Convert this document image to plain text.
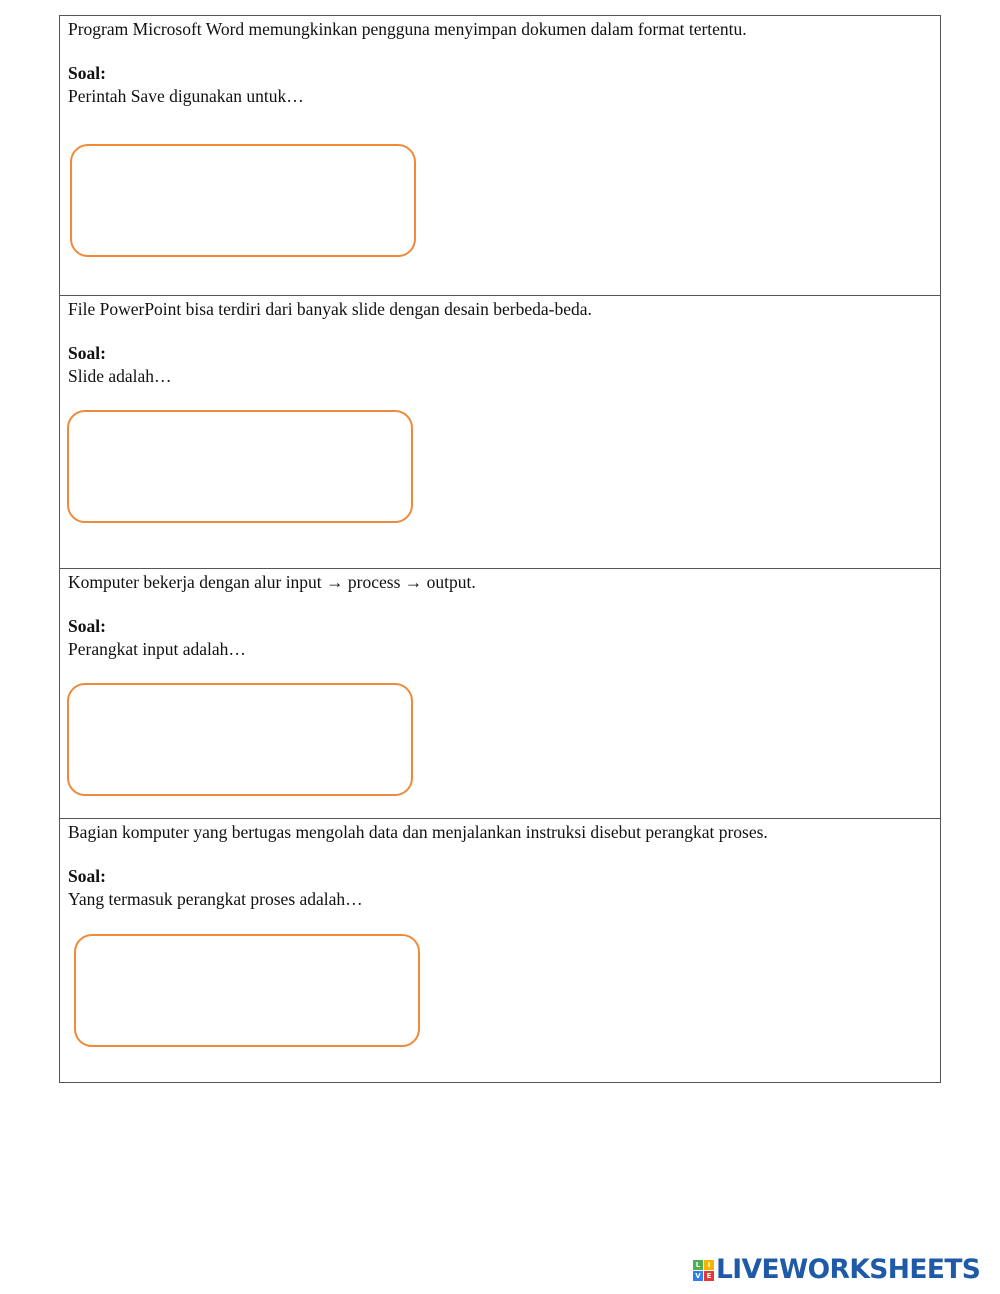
Program Microsoft Word memungkinkan pengguna menyimpan dokumen dalam format tertentu.
Soal:
Perintah Save digunakan untuk…
File PowerPoint bisa terdiri dari banyak slide dengan desain berbeda-beda.
Soal:
Slide adalah…
Komputer bekerja dengan alur input → process → output.
Soal:
Perangkat input adalah…
Bagian komputer yang bertugas mengolah data dan menjalankan instruksi disebut perangkat proses.
Soal:
Yang termasuk perangkat proses adalah…
L	I
V E LIVEWORKSHEETS
